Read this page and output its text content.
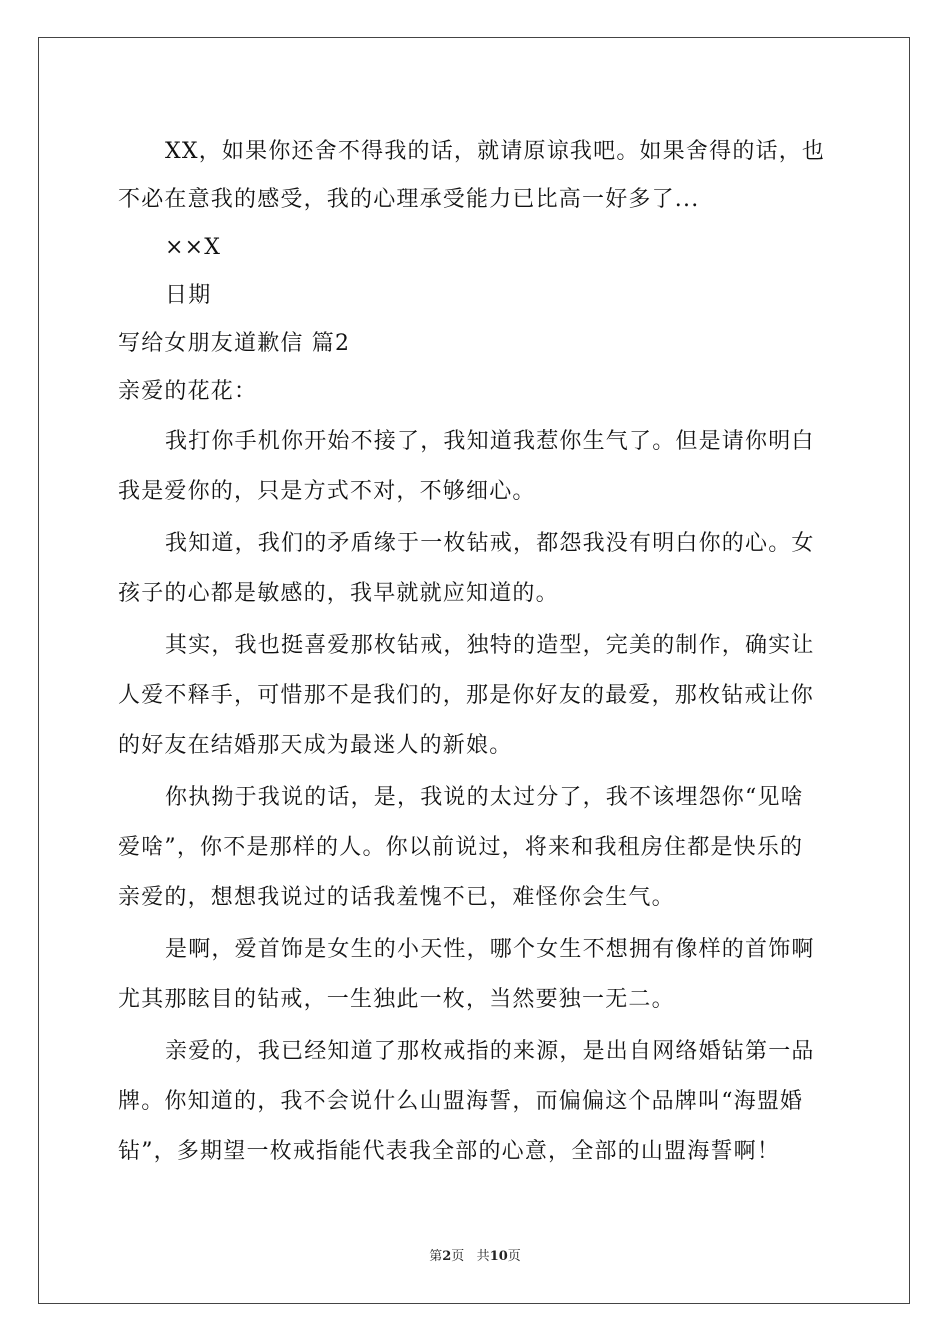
XX，如果你还舍不得我的话，就请原谅我吧。如果舍得的话，也
不必在意我的感受，我的心理承受能力已比高一好多了...
××X
日期
写给女朋友道歉信 篇2
亲爱的花花：
我打你手机你开始不接了，我知道我惹你生气了。但是请你明白
我是爱你的，只是方式不对，不够细心。
我知道，我们的矛盾缘于一枚钻戒，都怨我没有明白你的心。女
孩子的心都是敏感的，我早就就应知道的。
其实，我也挺喜爱那枚钻戒，独特的造型，完美的制作，确实让
人爱不释手，可惜那不是我们的，那是你好友的最爱，那枚钻戒让你
的好友在结婚那天成为最迷人的新娘。
你执拗于我说的话，是，我说的太过分了，我不该埋怨你“见啥
爱啥”，你不是那样的人。你以前说过，将来和我租房住都是快乐的
亲爱的，想想我说过的话我羞愧不已，难怪你会生气。
是啊，爱首饰是女生的小天性，哪个女生不想拥有像样的首饰啊
尤其那眩目的钻戒，一生独此一枚，当然要独一无二。
亲爱的，我已经知道了那枚戒指的来源，是出自网络婚钻第一品
牌。你知道的，我不会说什么山盟海誓，而偏偏这个品牌叫“海盟婚
钻”，多期望一枚戒指能代表我全部的心意，全部的山盟海誓啊！
第2页 共10页
